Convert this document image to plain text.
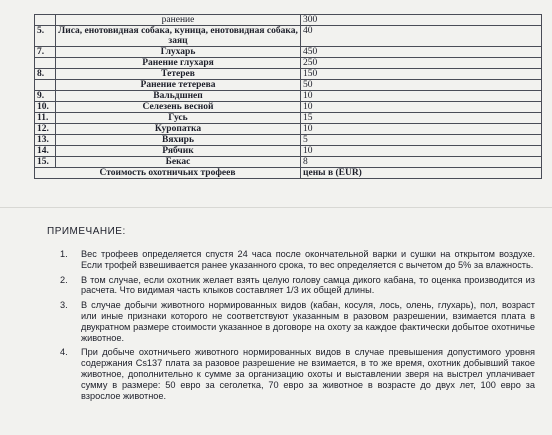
	ранение	300
5.	Лиса, енотовидная собака, куница, енотовидная собака, заяц	40
7.	Глухарь	450
	Ранение глухаря	250
8.	Тетерев	150
	Ранение тетерева	50
9.	Вальдшнеп	10
10.	Селезень весной	10
11.	Гусь	15
12.	Куропатка	10
13.	Вяхирь	5
14.	Рябчик	10
15.	Бекас	8
Стоимость охотничьих трофеев		цены в (EUR)
ПРИМЕЧАНИЕ:
1.	Вес трофеев определяется спустя 24 часа после окончательной варки и сушки на открытом воздухе. Если трофей взвешивается ранее указанного срока, то вес определяется с вычетом до 5% за влажность.
2.	В том случае, если охотник желает взять целую голову самца дикого кабана, то оценка производится из расчета. Что видимая часть клыков составляет 1/3 их общей длины.
3.	В случае добычи животного нормированных видов (кабан, косуля, лось, олень, глухарь), пол, возраст или иные признаки которого не соответствуют указанным в разовом разрешении, взимается плата в двукратном размере стоимости указанное в договоре на охоту за каждое фактически добытое охотничье животное.
4.	При добыче охотничьего животного нормированных видов в случае превышения допустимого уровня содержания Cs137 плата за разовое разрешение не взимается, в то же время, охотник добывший такое животное, дополнительно к сумме за организацию охоты и выставлении зверя на выстрел уплачивает сумму в размере: 50 евро за сеголетка, 70 евро за животное в возрасте до двух лет, 100 евро за взрослое животное.
